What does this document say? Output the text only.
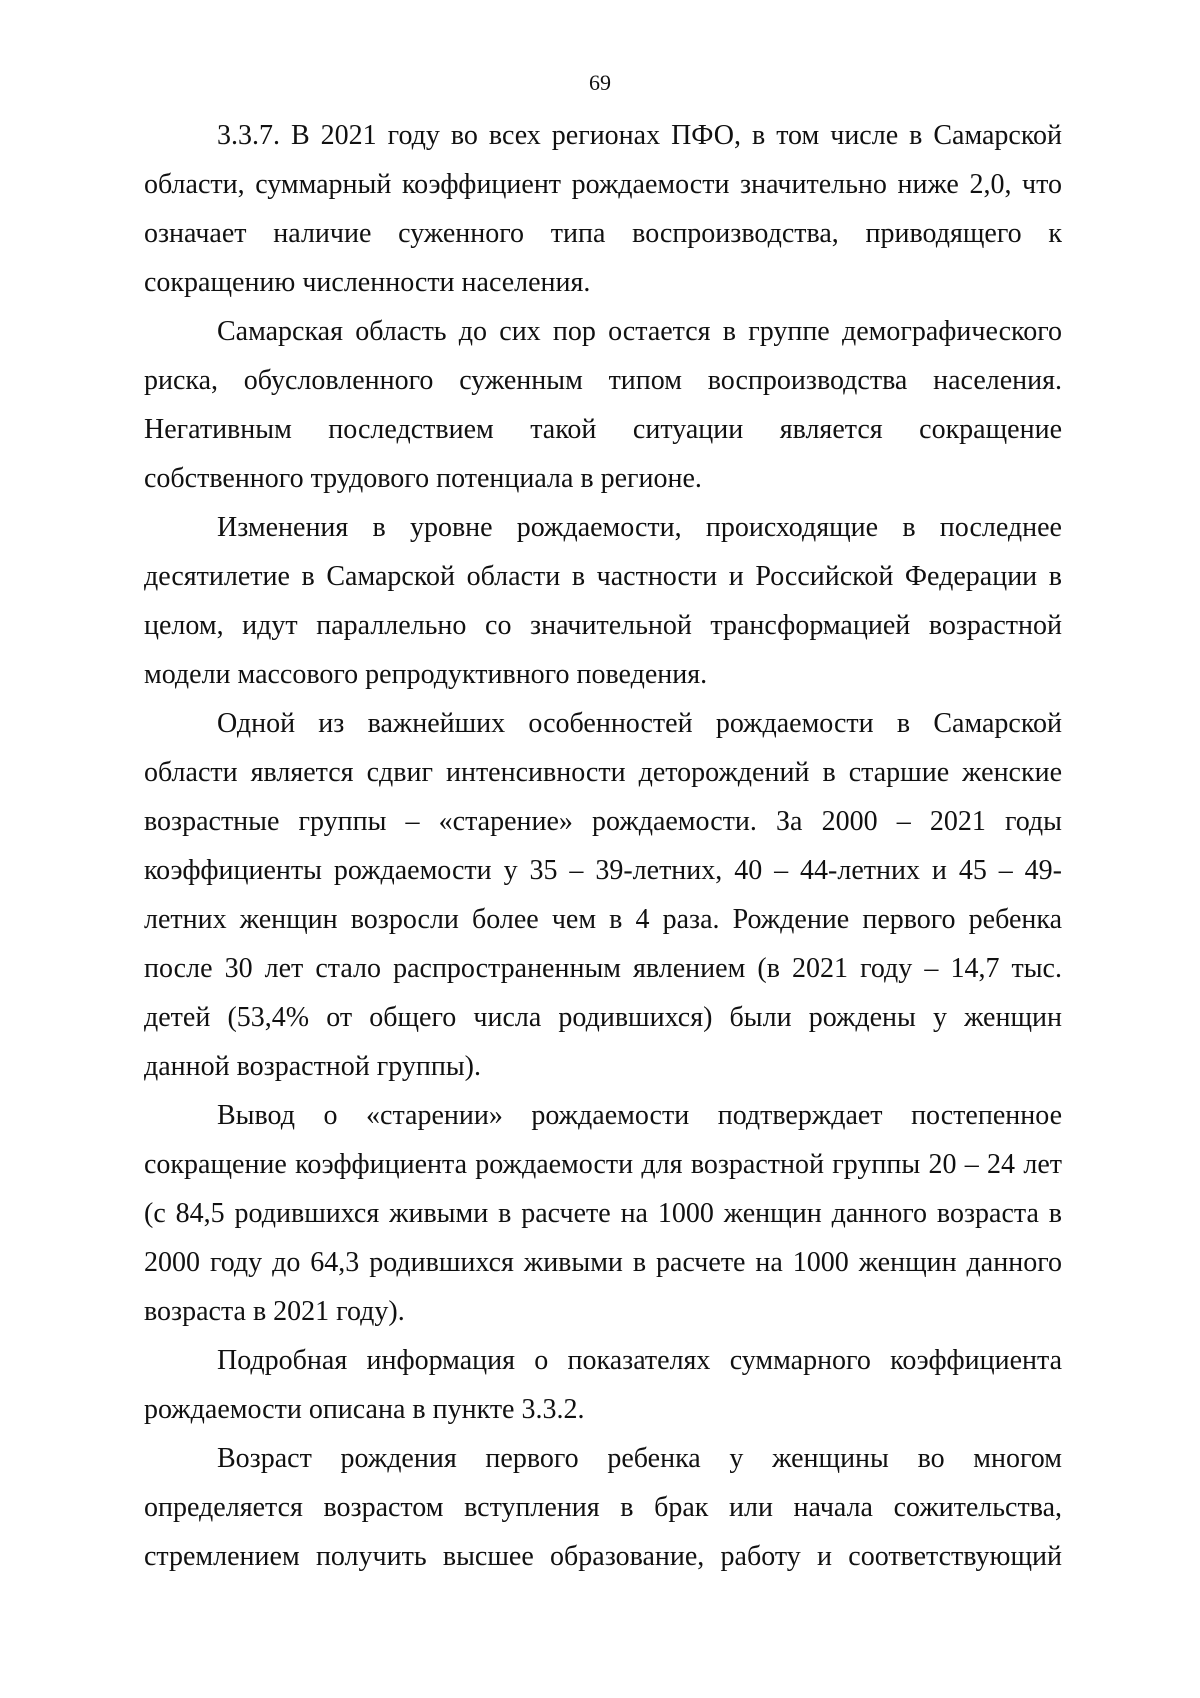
69

3.3.7. В 2021 году во всех регионах ПФО, в том числе в Самарской области, суммарный коэффициент рождаемости значительно ниже 2,0, что означает наличие суженного типа воспроизводства, приводящего к сокращению численности населения.

Самарская область до сих пор остается в группе демографического риска, обусловленного суженным типом воспроизводства населения. Негативным последствием такой ситуации является сокращение собственного трудового потенциала в регионе.

Изменения в уровне рождаемости, происходящие в последнее десятилетие в Самарской области в частности и Российской Федерации в целом, идут параллельно со значительной трансформацией возрастной модели массового репродуктивного поведения.

Одной из важнейших особенностей рождаемости в Самарской области является сдвиг интенсивности деторождений в старшие женские возрастные группы – «старение» рождаемости. За 2000 – 2021 годы коэффициенты рождаемости у 35 – 39-летних, 40 – 44-летних и 45 – 49-летних женщин возросли более чем в 4 раза. Рождение первого ребенка после 30 лет стало распространенным явлением (в 2021 году – 14,7 тыс. детей (53,4% от общего числа родившихся) были рождены у женщин данной возрастной группы).

Вывод о «старении» рождаемости подтверждает постепенное сокращение коэффициента рождаемости для возрастной группы 20 – 24 лет (с 84,5 родившихся живыми в расчете на 1000 женщин данного возраста в 2000 году до 64,3 родившихся живыми в расчете на 1000 женщин данного возраста в 2021 году).

Подробная информация о показателях суммарного коэффициента рождаемости описана в пункте 3.3.2.

Возраст рождения первого ребенка у женщины во многом определяется возрастом вступления в брак или начала сожительства, стремлением получить высшее образование, работу и соответствующий
